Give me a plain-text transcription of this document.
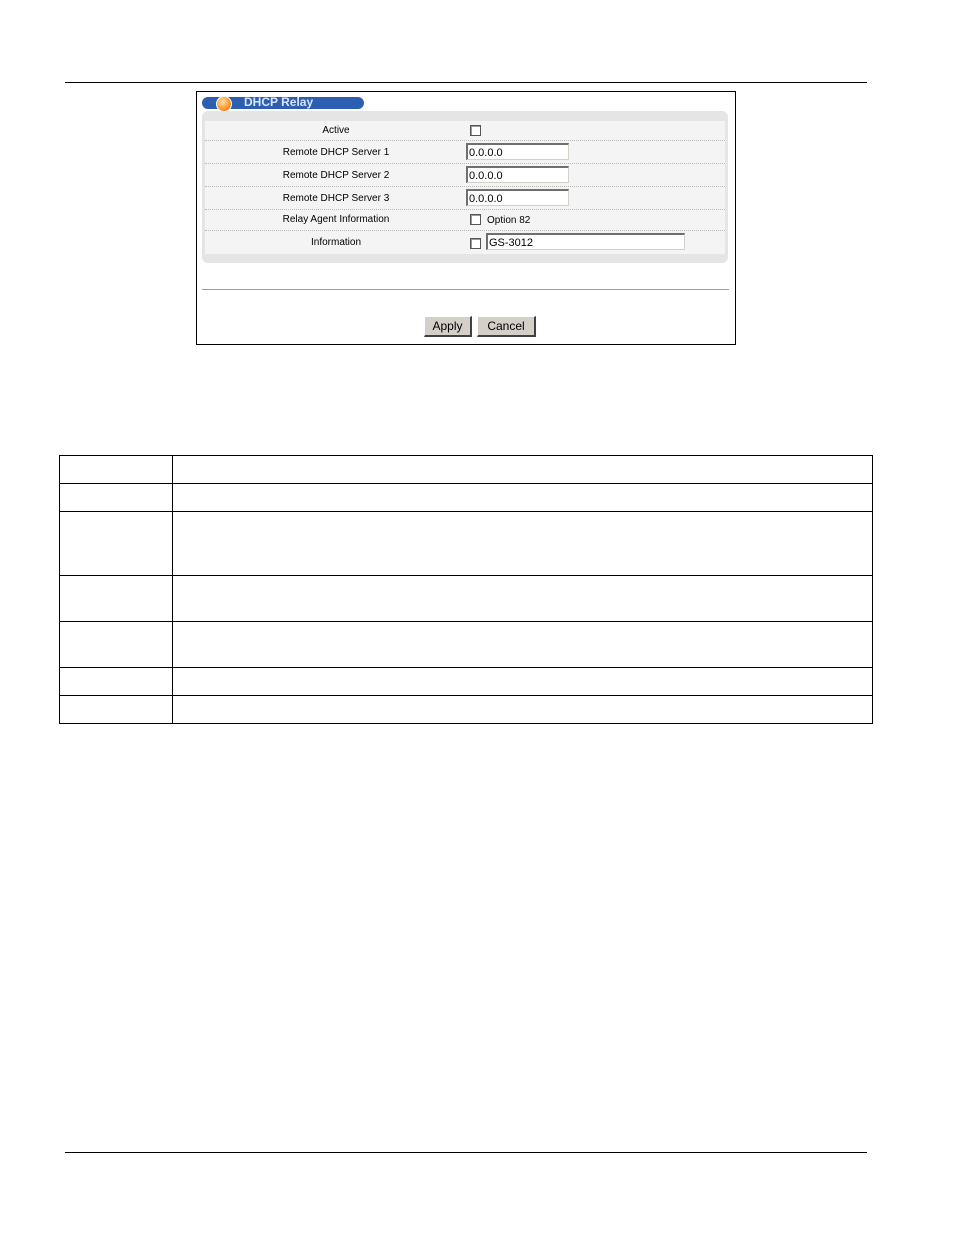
DHCP Relay
Active
Remote DHCP Server 1	0.0.0.0
Remote DHCP Server 2	0.0.0.0
Remote DHCP Server 3	0.0.0.0
Relay Agent Information	Option 82
Information	GS-3012
Apply	Cancel
